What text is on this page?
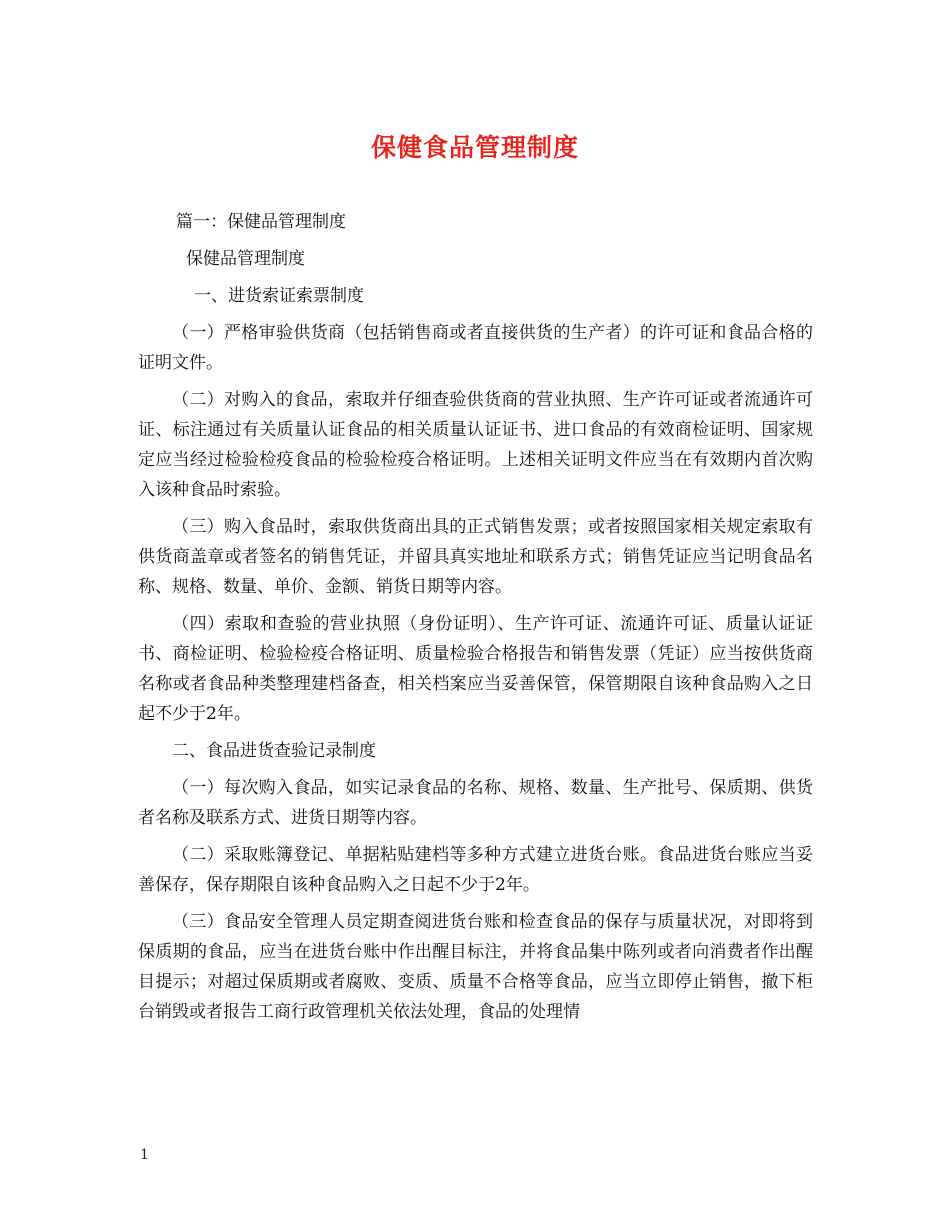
保健食品管理制度

篇一：保健品管理制度

保健品管理制度

一、进货索证索票制度

（一）严格审验供货商（包括销售商或者直接供货的生产者）的许可证和食品合格的证明文件。

（二）对购入的食品，索取并仔细查验供货商的营业执照、生产许可证或者流通许可证、标注通过有关质量认证食品的相关质量认证证书、进口食品的有效商检证明、国家规定应当经过检验检疫食品的检验检疫合格证明。上述相关证明文件应当在有效期内首次购入该种食品时索验。

（三）购入食品时，索取供货商出具的正式销售发票；或者按照国家相关规定索取有供货商盖章或者签名的销售凭证，并留具真实地址和联系方式；销售凭证应当记明食品名称、规格、数量、单价、金额、销货日期等内容。

（四）索取和查验的营业执照（身份证明）、生产许可证、流通许可证、质量认证证书、商检证明、检验检疫合格证明、质量检验合格报告和销售发票（凭证）应当按供货商名称或者食品种类整理建档备查，相关档案应当妥善保管，保管期限自该种食品购入之日起不少于2年。

二、食品进货查验记录制度

（一）每次购入食品，如实记录食品的名称、规格、数量、生产批号、保质期、供货者名称及联系方式、进货日期等内容。

（二）采取账簿登记、单据粘贴建档等多种方式建立进货台账。食品进货台账应当妥善保存，保存期限自该种食品购入之日起不少于2年。

（三）食品安全管理人员定期查阅进货台账和检查食品的保存与质量状况，对即将到保质期的食品，应当在进货台账中作出醒目标注，并将食品集中陈列或者向消费者作出醒目提示；对超过保质期或者腐败、变质、质量不合格等食品，应当立即停止销售，撤下柜台销毁或者报告工商行政管理机关依法处理，食品的处理情

1
